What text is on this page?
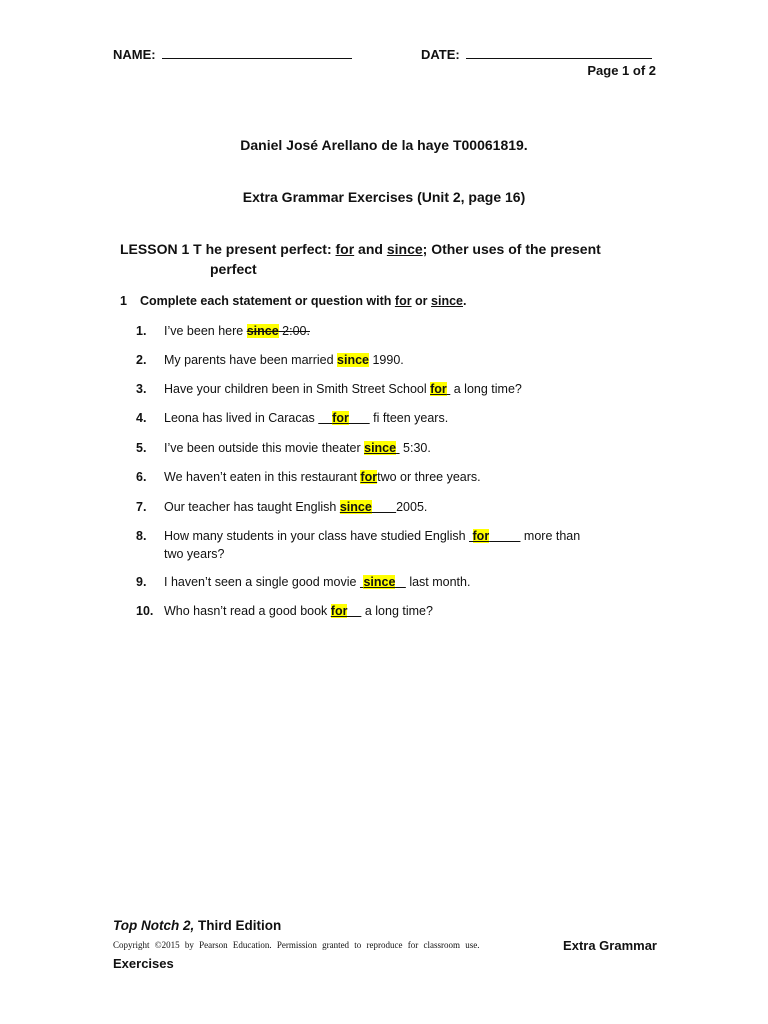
NAME:	DATE:
Page 1 of 2
Daniel José Arellano de la haye T00061819.
Extra Grammar Exercises (Unit 2, page 16)
LESSON 1 T he present perfect: for and since; Other uses of the present
perfect
1 Complete each statement or question with for or since.
1.	I’ve been here since 2:00.
2.	My parents have been married since 1990.
3.	Have your children been in Smith Street School for  a long time?
4.	Leona has lived in Caracas     for       fi fteen years.
5.	I’ve been outside this movie theater since  5:30.
6.	We haven’t eaten in this restaurant fortwo or three years.
7.	Our teacher has taught English since 2005.
8.	How many students in your class have studied English  for	more than
two years?
9.	I haven’t seen a single good movie  since    last month.
10. Who hasn’t read a good book for     a long time?
Top Notch 2, Third Edition
Copyright ©2015 by Pearson Education. Permission granted to reproduce for classroom use.	Extra Grammar
Exercises
